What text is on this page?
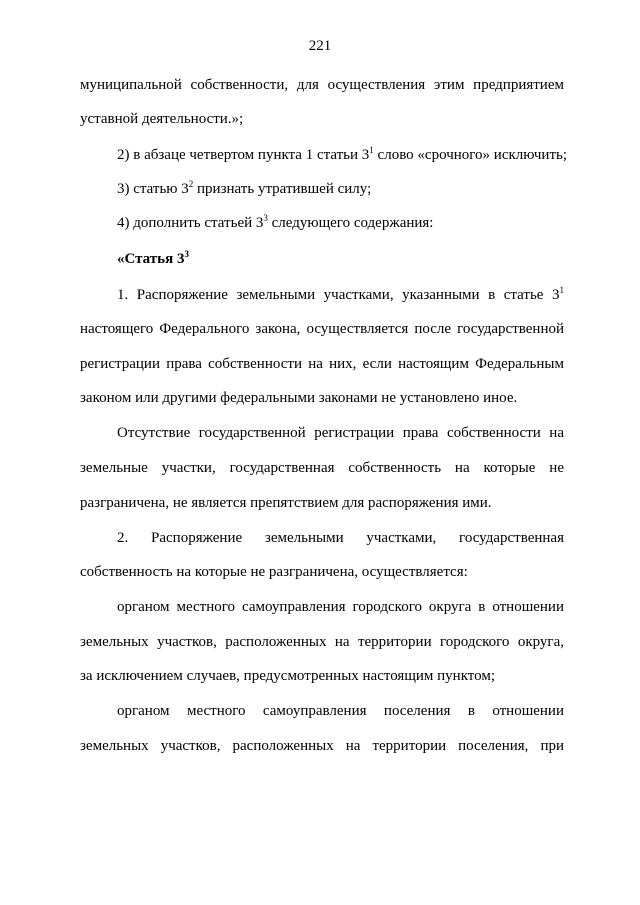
221
муниципальной собственности, для осуществления этим предприятием
уставной деятельности.»;
2) в абзаце четвертом пункта 1 статьи $3^1$ слово «срочного» исключить;
3) статью $3^2$ признать утратившей силу;
4) дополнить статьей $3^3$ следующего содержания:
«Статья $3^3$
1. Распоряжение земельными участками, указанными в статье $3^1$
настоящего Федерального закона, осуществляется после государственной
регистрации права собственности на них, если настоящим Федеральным
законом или другими федеральными законами не установлено иное.
Отсутствие государственной регистрации права собственности на
земельные участки, государственная собственность на которые не
разграничена, не является препятствием для распоряжения ими.
2. Распоряжение земельными участками, государственная
собственность на которые не разграничена, осуществляется:
органом местного самоуправления городского округа в отношении
земельных участков, расположенных на территории городского округа,
за исключением случаев, предусмотренных настоящим пунктом;
органом местного самоуправления поселения в отношении
земельных участков, расположенных на территории поселения, при
